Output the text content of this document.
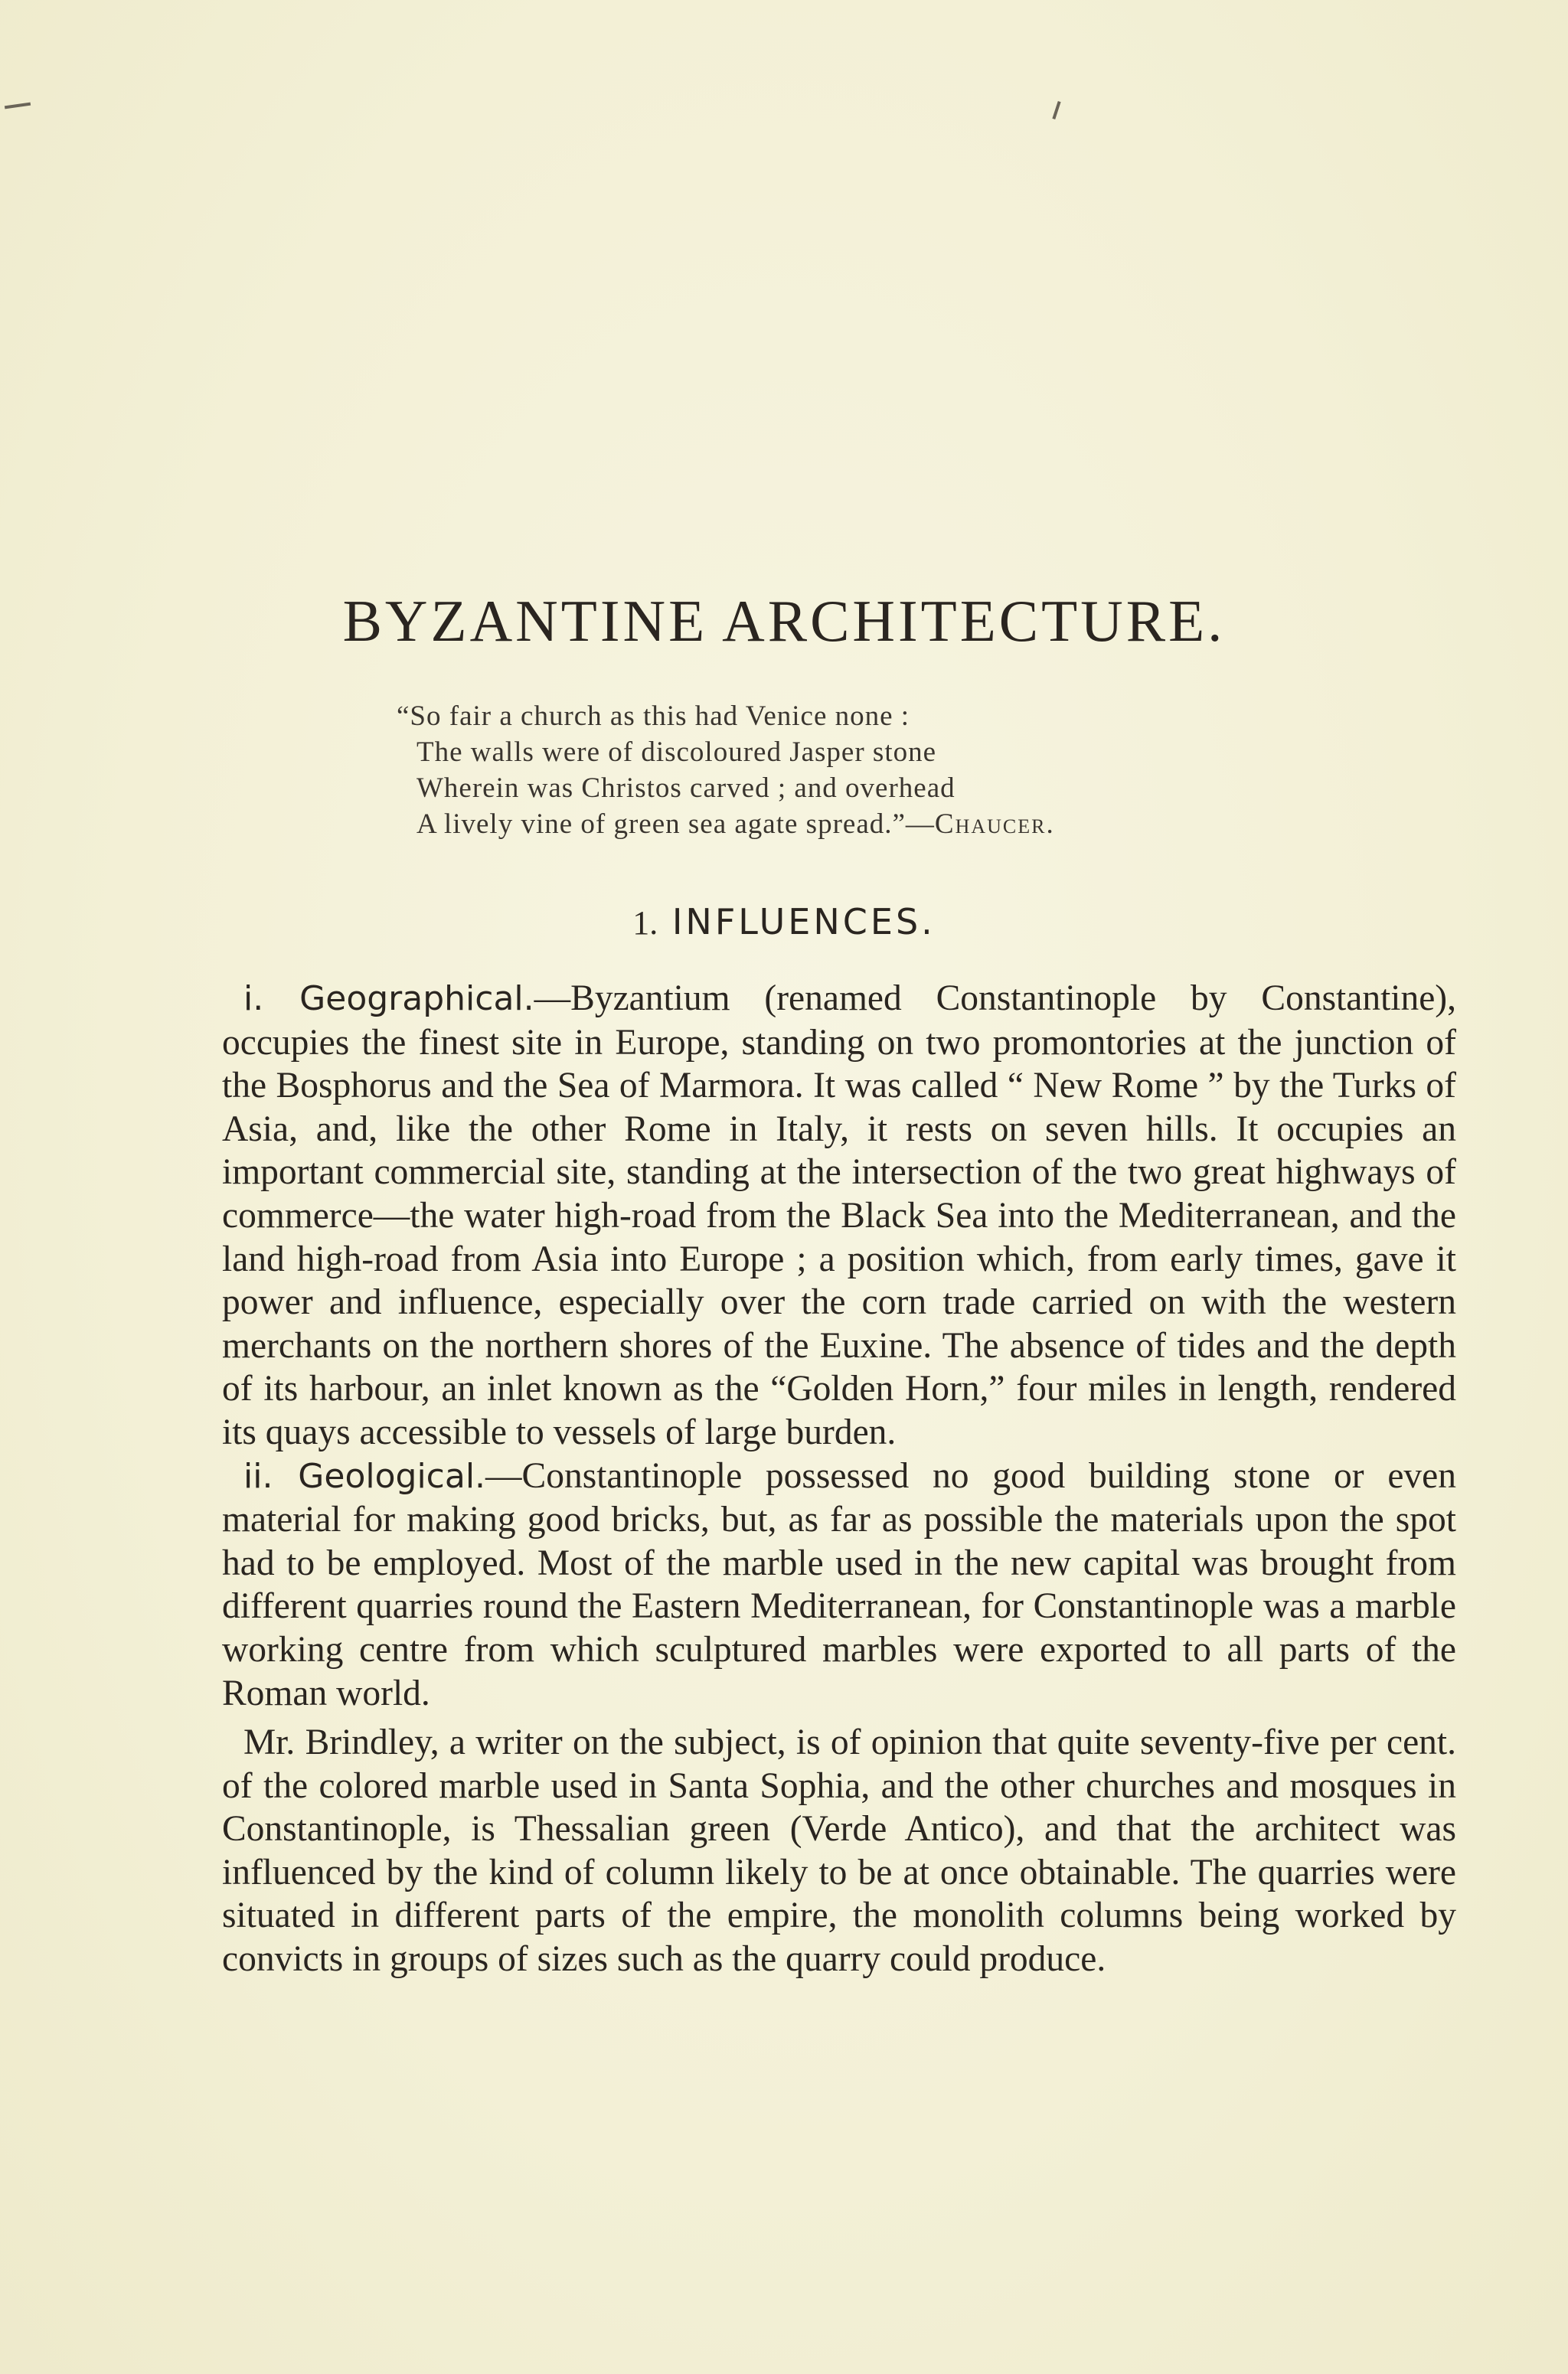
BYZANTINE ARCHITECTURE.
“So fair a church as this had Venice none :
The walls were of discoloured Jasper stone
Wherein was Christos carved ; and overhead
A lively vine of green sea agate spread.”—Chaucer.
1. INFLUENCES.

i. Geographical.—Byzantium (renamed Constantinople by Constantine), occupies the finest site in Europe, standing on two promontories at the junction of the Bosphorus and the Sea of Marmora. It was called “ New Rome ” by the Turks of Asia, and, like the other Rome in Italy, it rests on seven hills. It occupies an important commercial site, standing at the intersection of the two great highways of commerce—the water high-road from the Black Sea into the Mediterranean, and the land high-road from Asia into Europe ; a position which, from early times, gave it power and influence, especially over the corn trade carried on with the western merchants on the northern shores of the Euxine. The absence of tides and the depth of its harbour, an inlet known as the “Golden Horn,” four miles in length, rendered its quays accessible to vessels of large burden.

ii. Geological.—Constantinople possessed no good building stone or even material for making good bricks, but, as far as possible the materials upon the spot had to be employed. Most of the marble used in the new capital was brought from different quarries round the Eastern Mediterranean, for Constantinople was a marble working centre from which sculptured marbles were exported to all parts of the Roman world.

Mr. Brindley, a writer on the subject, is of opinion that quite seventy-five per cent. of the colored marble used in Santa Sophia, and the other churches and mosques in Constantinople, is Thessalian green (Verde Antico), and that the architect was influenced by the kind of column likely to be at once obtainable. The quarries were situated in different parts of the empire, the monolith columns being worked by convicts in groups of sizes such as the quarry could produce.
